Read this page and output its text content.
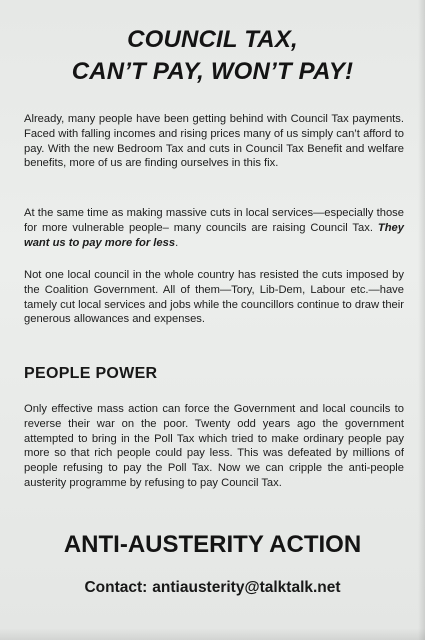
COUNCIL TAX,
CAN’T PAY, WON’T PAY!

Already, many people have been getting behind with Council Tax payments. Faced with falling incomes and rising prices many of us simply can’t afford to pay. With the new Bedroom Tax and cuts in Council Tax Benefit and welfare benefits, more of us are finding ourselves in this fix.

At the same time as making massive cuts in local services—especially those for more vulnerable people– many councils are raising Council Tax. They want us to pay more for less.

Not one local council in the whole country has resisted the cuts imposed by the Coalition Government. All of them—Tory, Lib-Dem, Labour etc.—have tamely cut local services and jobs while the councillors continue to draw their generous allowances and expenses.

PEOPLE POWER

Only effective mass action can force the Government and local councils to reverse their war on the poor. Twenty odd years ago the government attempted to bring in the Poll Tax which tried to make ordinary people pay more so that rich people could pay less. This was defeated by millions of people refusing to pay the Poll Tax. Now we can cripple the anti-people austerity programme by refusing to pay Council Tax.

ANTI-AUSTERITY ACTION

Contact: antiausterity@talktalk.net
